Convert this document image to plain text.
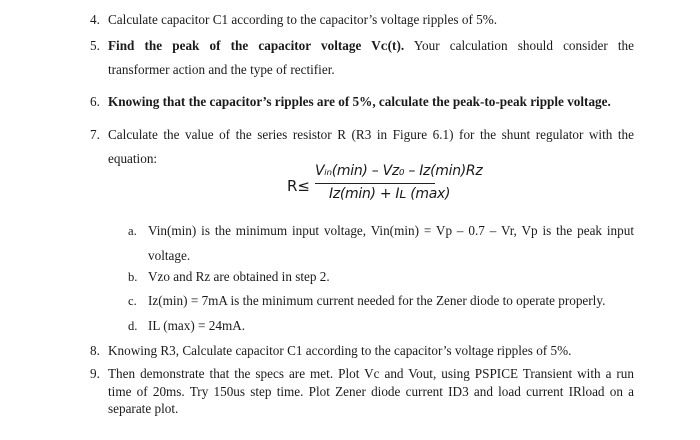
4. Calculate capacitor C1 according to the capacitor’s voltage ripples of 5%.
5. Find the peak of the capacitor voltage Vᴄ(t). Your calculation should consider the
transformer action and the type of rectifier.
6. Knowing that the capacitor’s ripples are of 5%, calculate the peak-to-peak ripple voltage.
7. Calculate the value of the series resistor R (R3 in Figure 6.1) for the shunt regulator with the
equation:
R≤
Vᵢₙ(min) – Vᴢ₀ – Iᴢ(min)Rᴢ
Iᴢ(min) + Iʟ (max)
a. Vin(min) is the minimum input voltage, Vin(min) = Vp – 0.7 – Vr, Vp is the peak input
voltage.
b. Vzo and Rz are obtained in step 2.
c. Iz(min) = 7mA is the minimum current needed for the Zener diode to operate properly.
d. IL (max) = 24mA.
8. Knowing R3, Calculate capacitor C1 according to the capacitor’s voltage ripples of 5%.
9. Then demonstrate that the specs are met. Plot Vc and Vout, using PSPICE Transient with a run
time of 20ms. Try 150us step time. Plot Zener diode current ID3 and load current IRload on a
separate plot.
